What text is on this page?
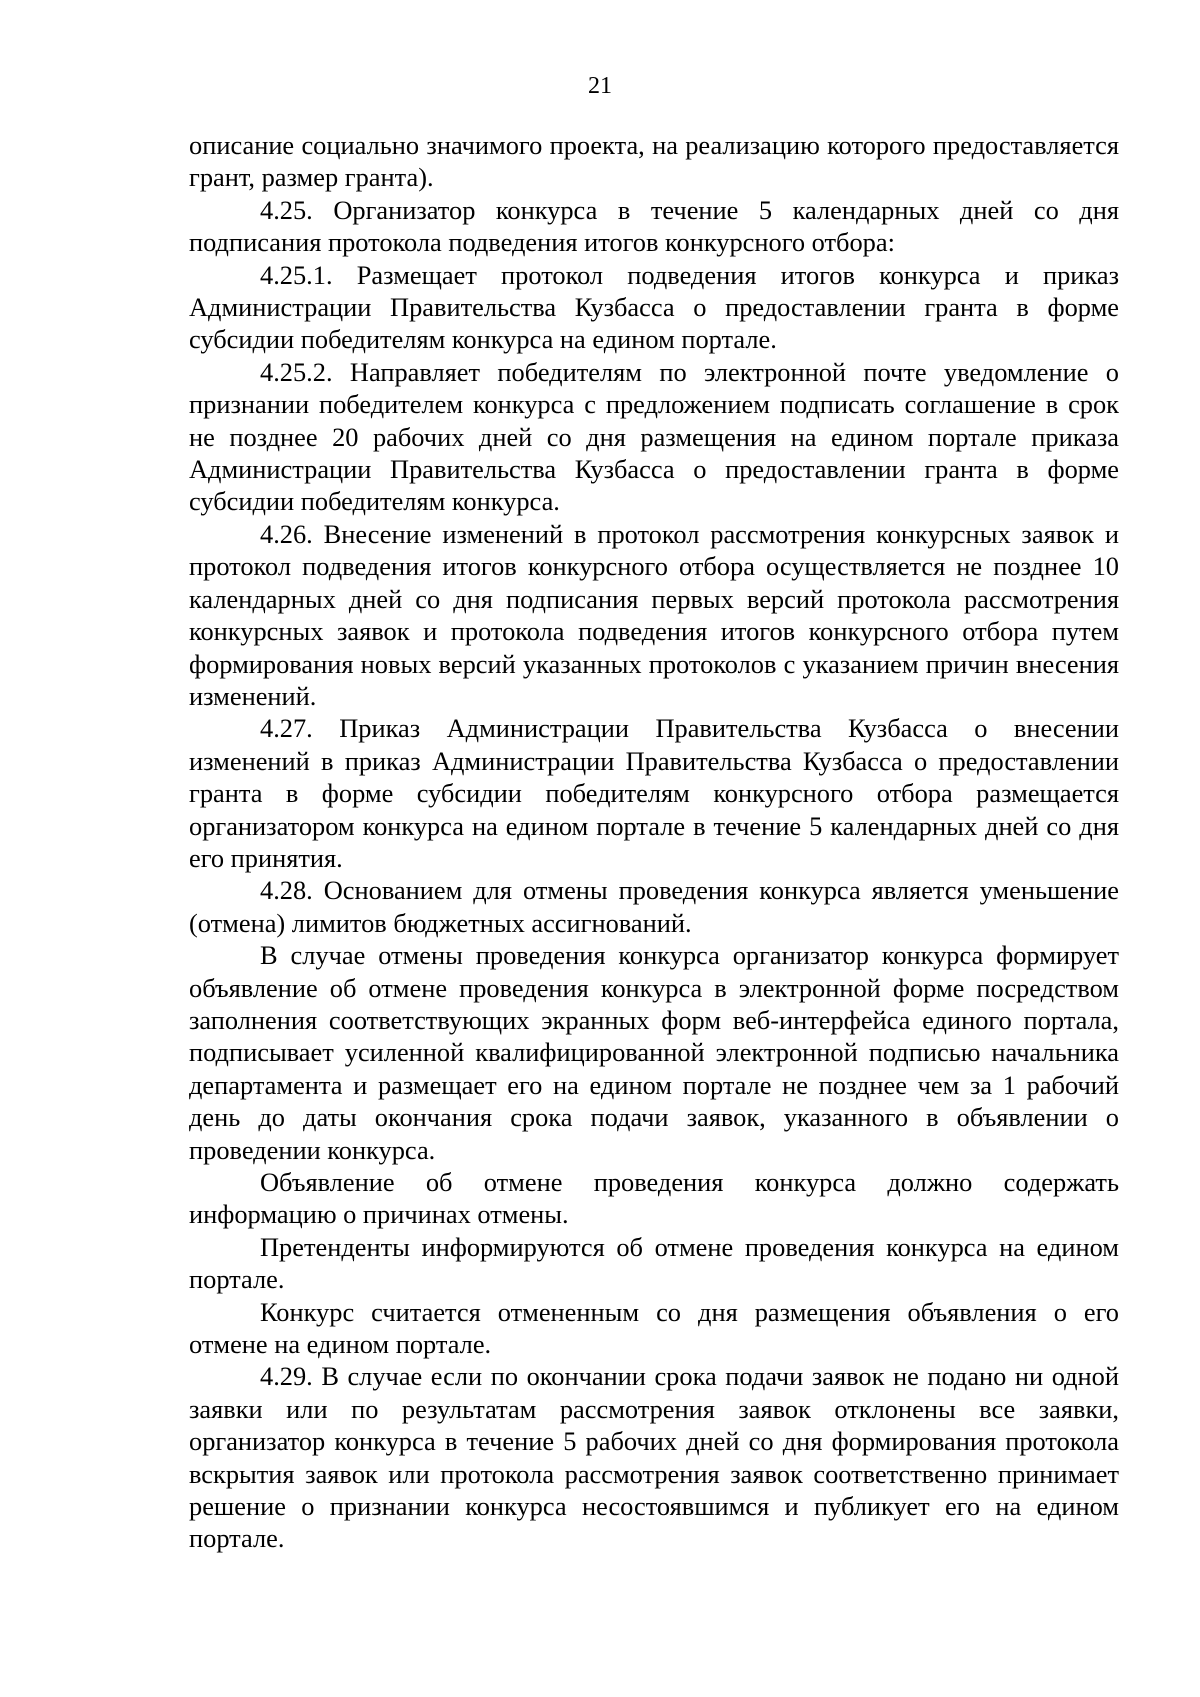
21

описание социально значимого проекта, на реализацию которого предоставляется грант, размер гранта).

4.25. Организатор конкурса в течение 5 календарных дней со дня подписания протокола подведения итогов конкурсного отбора:

4.25.1. Размещает протокол подведения итогов конкурса и приказ Администрации Правительства Кузбасса о предоставлении гранта в форме субсидии победителям конкурса на едином портале.

4.25.2. Направляет победителям по электронной почте уведомление о признании победителем конкурса с предложением подписать соглашение в срок не позднее 20 рабочих дней со дня размещения на едином портале приказа Администрации Правительства Кузбасса о предоставлении гранта в форме субсидии победителям конкурса.

4.26. Внесение изменений в протокол рассмотрения конкурсных заявок и протокол подведения итогов конкурсного отбора осуществляется не позднее 10 календарных дней со дня подписания первых версий протокола рассмотрения конкурсных заявок и протокола подведения итогов конкурсного отбора путем формирования новых версий указанных протоколов с указанием причин внесения изменений.

4.27. Приказ Администрации Правительства Кузбасса о внесении изменений в приказ Администрации Правительства Кузбасса о предоставлении гранта в форме субсидии победителям конкурсного отбора размещается организатором конкурса на едином портале в течение 5 календарных дней со дня его принятия.

4.28. Основанием для отмены проведения конкурса является уменьшение (отмена) лимитов бюджетных ассигнований.

В случае отмены проведения конкурса организатор конкурса формирует объявление об отмене проведения конкурса в электронной форме посредством заполнения соответствующих экранных форм веб-интерфейса единого портала, подписывает усиленной квалифицированной электронной подписью начальника департамента и размещает его на едином портале не позднее чем за 1 рабочий день до даты окончания срока подачи заявок, указанного в объявлении о проведении конкурса.

Объявление об отмене проведения конкурса должно содержать информацию о причинах отмены.

Претенденты информируются об отмене проведения конкурса на едином портале.

Конкурс считается отмененным со дня размещения объявления о его отмене на едином портале.

4.29. В случае если по окончании срока подачи заявок не подано ни одной заявки или по результатам рассмотрения заявок отклонены все заявки, организатор конкурса в течение 5 рабочих дней со дня формирования протокола вскрытия заявок или протокола рассмотрения заявок соответственно принимает решение о признании конкурса несостоявшимся и публикует его на едином портале.
